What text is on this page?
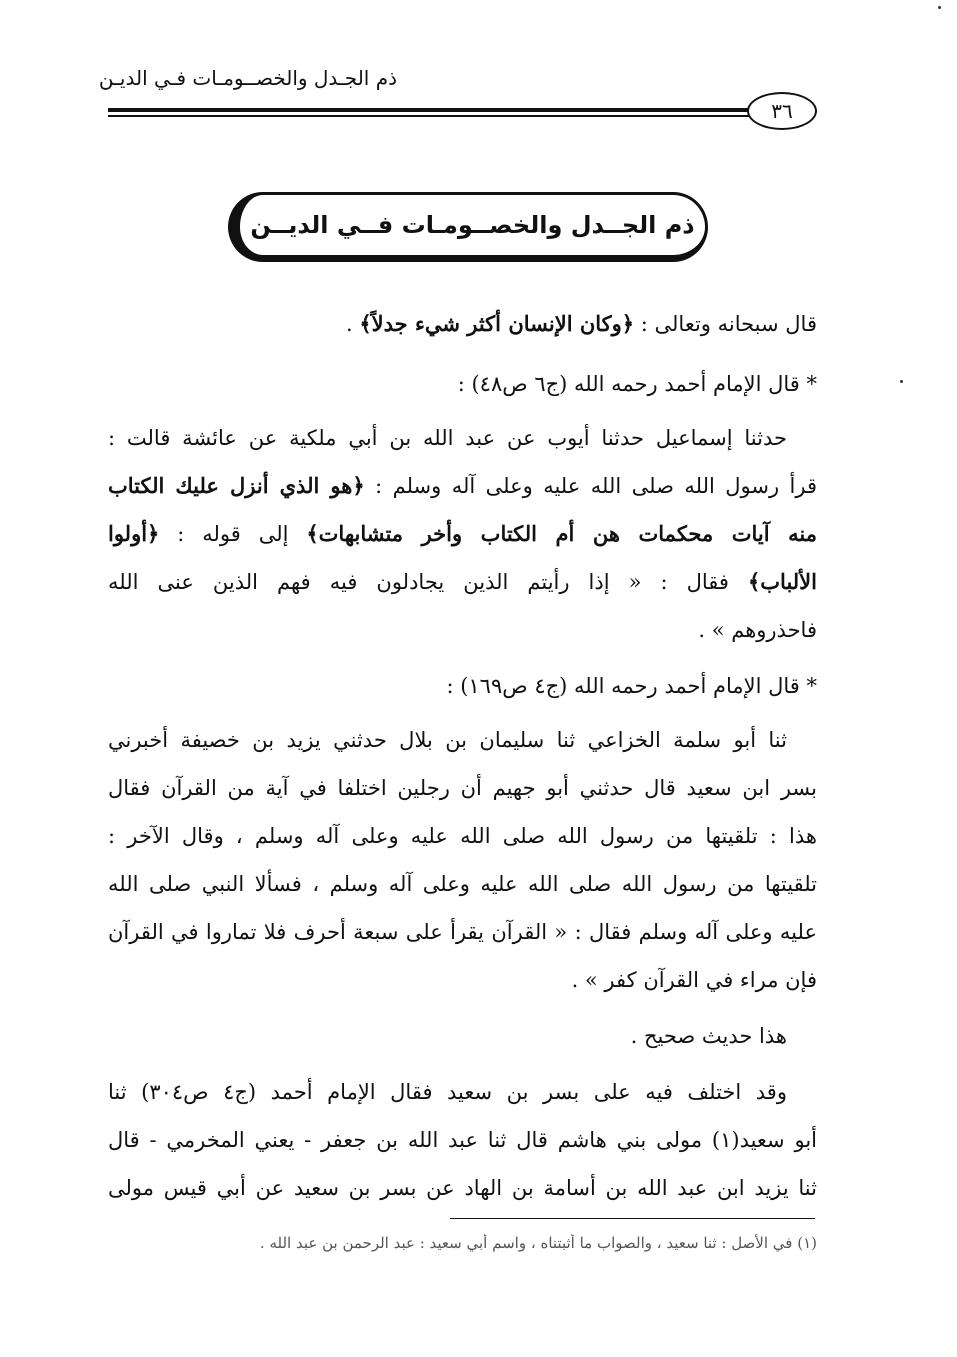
ذم الجـدل والخصــومـات فـي الديـن
٣٦
ذم الجــدل والخصــومـات فــي الديــن
قال سبحانه وتعالى : ﴿وكان الإنسان أكثر شيء جدلاً﴾ .
* قال الإمام أحمد رحمه الله (ج٦ ص٤٨) :
حدثنا إسماعيل حدثنا أيوب عن عبد الله بن أبي ملكية عن عائشة قالت :
قرأ رسول الله صلى الله عليه وعلى آله وسلم : ﴿هو الذي أنزل عليك الكتاب
منه آيات محكمات هن أم الكتاب وأخر متشابهات﴾ إلى قوله : ﴿أولوا
الألباب﴾ فقال : « إذا رأيتم الذين يجادلون فيه فهم الذين عنى الله
فاحذروهم » .
* قال الإمام أحمد رحمه الله (ج٤ ص١٦٩) :
ثنا أبو سلمة الخزاعي ثنا سليمان بن بلال حدثني يزيد بن خصيفة أخبرني
بسر ابن سعيد قال حدثني أبو جهيم أن رجلين اختلفا في آية من القرآن فقال
هذا : تلقيتها من رسول الله صلى الله عليه وعلى آله وسلم ، وقال الآخر :
تلقيتها من رسول الله صلى الله عليه وعلى آله وسلم ، فسألا النبي صلى الله
عليه وعلى آله وسلم فقال : « القرآن يقرأ على سبعة أحرف فلا تماروا في القرآن
فإن مراء في القرآن كفر » .
هذا حديث صحيح .
وقد اختلف فيه على بسر بن سعيد فقال الإمام أحمد (ج٤ ص٣٠٤) ثنا
أبو سعيد(١) مولى بني هاشم قال ثنا عبد الله بن جعفر - يعني المخرمي - قال
ثنا يزيد ابن عبد الله بن أسامة بن الهاد عن بسر بن سعيد عن أبي قيس مولى
(١) في الأصل : ثنا سعيد ، والصواب ما أثبتناه ، واسم أبي سعيد : عبد الرحمن بن عبد الله .
